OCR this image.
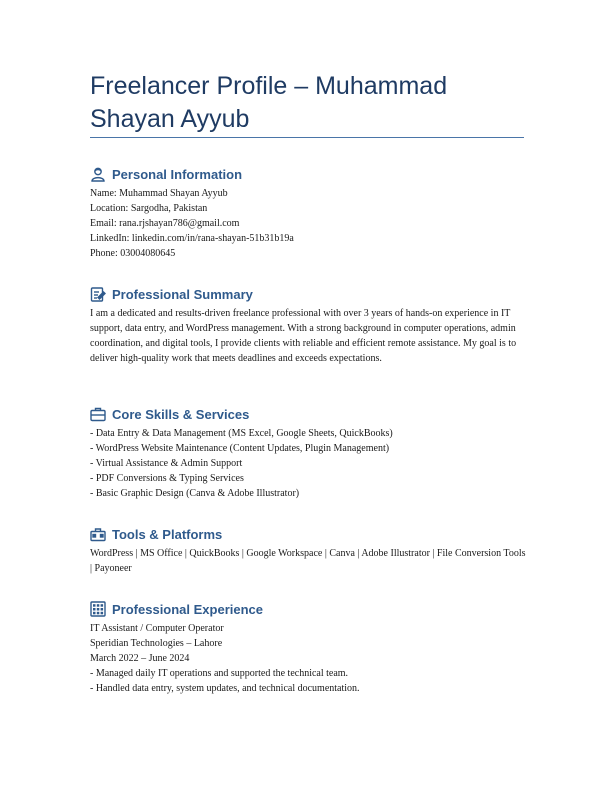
Freelancer Profile – Muhammad Shayan Ayyub
Personal Information

Name: Muhammad Shayan Ayyub

Location: Sargodha, Pakistan

Email: rana.rjshayan786@gmail.com

LinkedIn: linkedin.com/in/rana-shayan-51b31b19a

Phone: 03004080645

Professional Summary

I am a dedicated and results-driven freelance professional with over 3 years of hands-on experience in IT support, data entry, and WordPress management. With a strong background in computer operations, admin coordination, and digital tools, I provide clients with reliable and efficient remote assistance. My goal is to deliver high-quality work that meets deadlines and exceeds expectations.

Core Skills & Services

- Data Entry & Data Management (MS Excel, Google Sheets, QuickBooks)

- WordPress Website Maintenance (Content Updates, Plugin Management)

- Virtual Assistance & Admin Support

- PDF Conversions & Typing Services

- Basic Graphic Design (Canva & Adobe Illustrator)

Tools & Platforms

WordPress | MS Office | QuickBooks | Google Workspace | Canva | Adobe Illustrator | File Conversion Tools | Payoneer

Professional Experience

IT Assistant / Computer Operator

Speridian Technologies – Lahore

March 2022 – June 2024

- Managed daily IT operations and supported the technical team.

- Handled data entry, system updates, and technical documentation.
